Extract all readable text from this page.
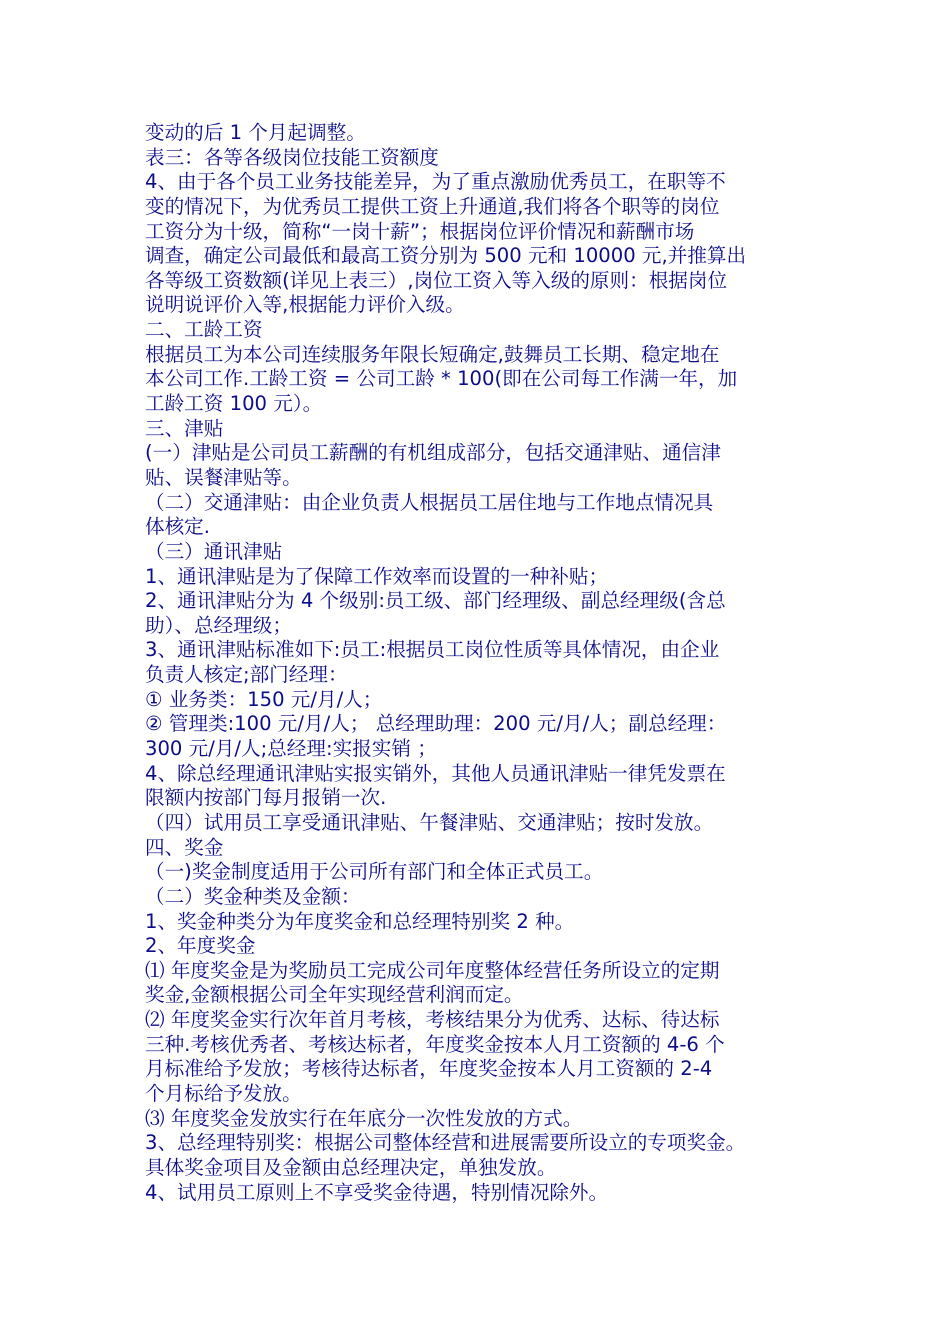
变动的后 1 个月起调整。
表三：各等各级岗位技能工资额度
4、由于各个员工业务技能差异，为了重点激励优秀员工，在职等不
变的情况下，为优秀员工提供工资上升通道,我们将各个职等的岗位
工资分为十级，简称“一岗十薪”；根据岗位评价情况和薪酬市场
调查，确定公司最低和最高工资分别为 500 元和 10000 元,并推算出
各等级工资数额(详见上表三）,岗位工资入等入级的原则：根据岗位
说明说评价入等,根据能力评价入级。
二、工龄工资
根据员工为本公司连续服务年限长短确定,鼓舞员工长期、稳定地在
本公司工作.工龄工资 = 公司工龄 * 100(即在公司每工作满一年，加
工龄工资 100 元）。
三、津贴
(一）津贴是公司员工薪酬的有机组成部分，包括交通津贴、通信津
贴、误餐津贴等。
（二）交通津贴：由企业负责人根据员工居住地与工作地点情况具
体核定.
（三）通讯津贴
1、通讯津贴是为了保障工作效率而设置的一种补贴；
2、通讯津贴分为 4 个级别:员工级、部门经理级、副总经理级(含总
助）、总经理级；
3、通讯津贴标准如下:员工:根据员工岗位性质等具体情况，由企业
负责人核定;部门经理：
① 业务类：150 元/月/人；
② 管理类:100 元/月/人； 总经理助理：200 元/月/人；副总经理：
300 元/月/人;总经理:实报实销 ；
4、除总经理通讯津贴实报实销外，其他人员通讯津贴一律凭发票在
限额内按部门每月报销一次.
（四）试用员工享受通讯津贴、午餐津贴、交通津贴；按时发放。
四、奖金
（一)奖金制度适用于公司所有部门和全体正式员工。
（二）奖金种类及金额：
1、奖金种类分为年度奖金和总经理特别奖 2 种。
2、年度奖金
⑴ 年度奖金是为奖励员工完成公司年度整体经营任务所设立的定期
奖金,金额根据公司全年实现经营利润而定。
⑵ 年度奖金实行次年首月考核，考核结果分为优秀、达标、待达标
三种.考核优秀者、考核达标者，年度奖金按本人月工资额的 4-6 个
月标准给予发放；考核待达标者，年度奖金按本人月工资额的 2-4
个月标给予发放。
⑶ 年度奖金发放实行在年底分一次性发放的方式。
3、总经理特别奖：根据公司整体经营和进展需要所设立的专项奖金。
具体奖金项目及金额由总经理决定，单独发放。
4、试用员工原则上不享受奖金待遇，特别情况除外。
